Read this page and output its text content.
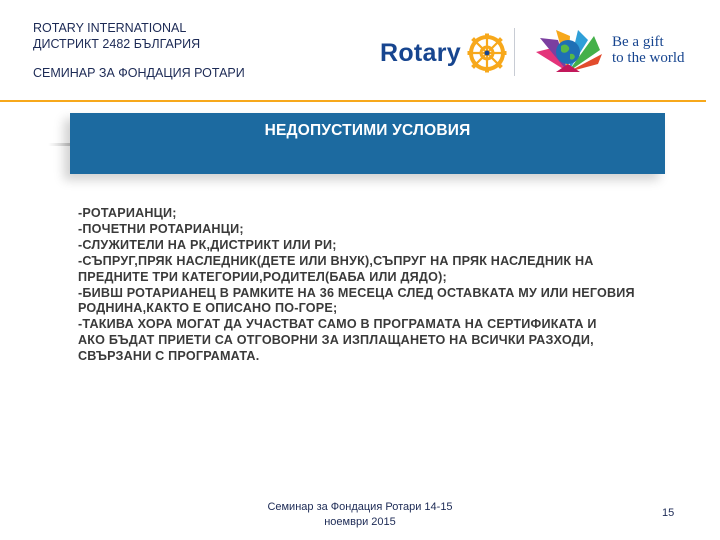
ROTARY INTERNATIONAL
ДИСТРИКТ 2482 БЪЛГАРИЯ
СЕМИНАР ЗА ФОНДАЦИЯ РОТАРИ
Rotary	Be a gift
to the world
НЕДОПУСТИМИ УСЛОВИЯ
-РОТАРИАНЦИ;
-ПОЧЕТНИ РОТАРИАНЦИ;
-СЛУЖИТЕЛИ НА РК,ДИСТРИКТ ИЛИ РИ;
-СЪПРУГ,ПРЯК НАСЛЕДНИК(ДЕТЕ ИЛИ ВНУК),СЪПРУГ НА ПРЯК НАСЛЕДНИК НА
ПРЕДНИТЕ ТРИ КАТЕГОРИИ,РОДИТЕЛ(БАБА ИЛИ ДЯДО);
-БИВШ РОТАРИАНЕЦ В РАМКИТЕ НА 36 МЕСЕЦА СЛЕД ОСТАВКАТА МУ ИЛИ НЕГОВИЯ
РОДНИНА,КАКТО Е ОПИСАНО ПО-ГОРЕ;
-ТАКИВА ХОРА МОГАТ ДА УЧАСТВАТ САМО В ПРОГРАМАТА НА СЕРТИФИКАТА И
АКО БЪДАТ ПРИЕТИ СА ОТГОВОРНИ ЗА ИЗПЛАЩАНЕТО НА ВСИЧКИ РАЗХОДИ,
СВЪРЗАНИ С ПРОГРАМАТА.
Семинар за Фондация Ротари 14-15
ноември 2015
15
